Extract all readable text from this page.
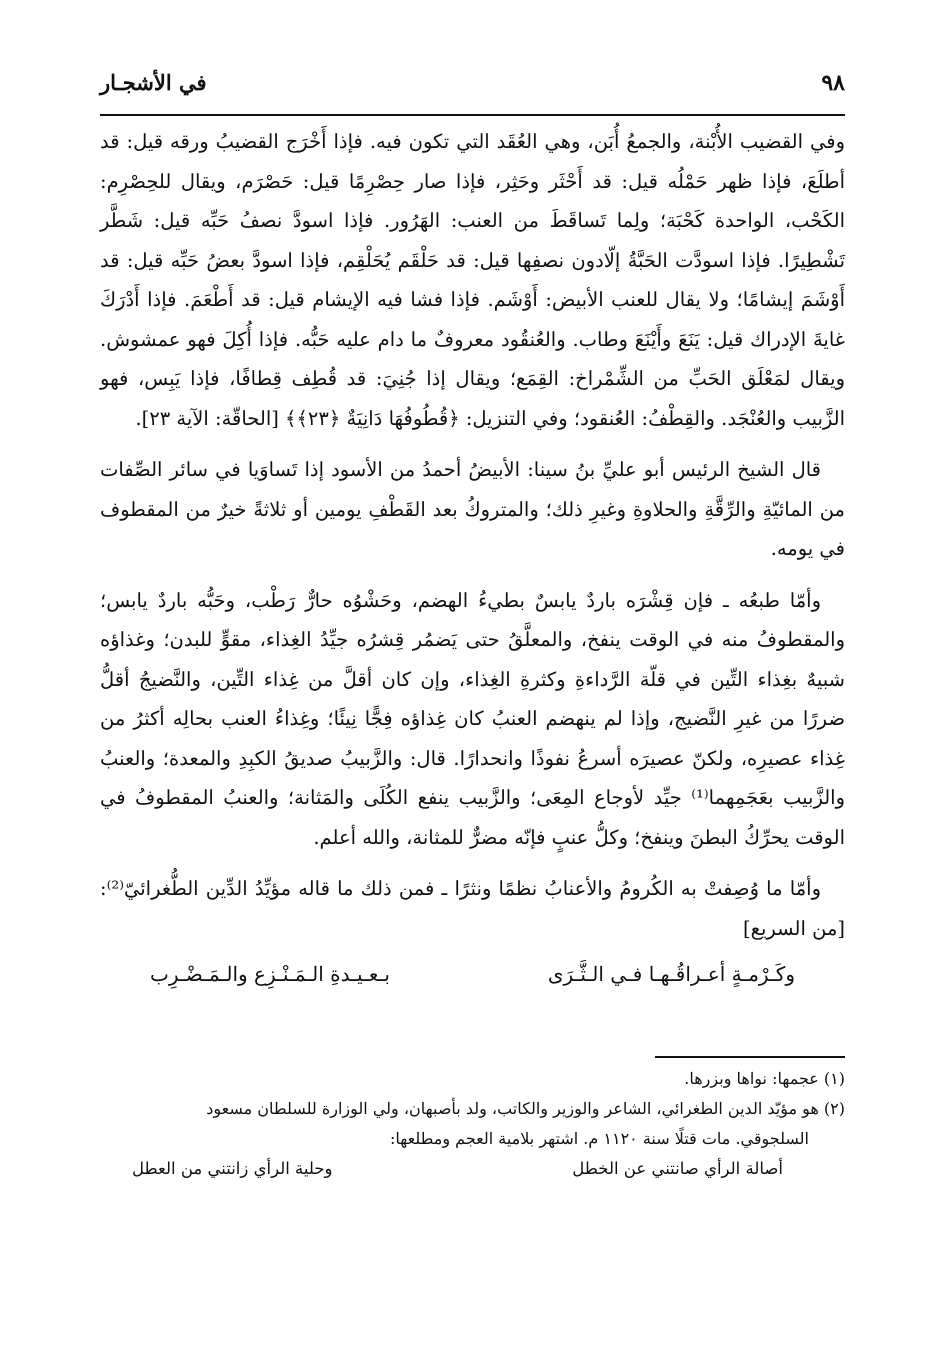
٩٨
في الأشجـار

وفي القضيب الأُبْنة، والجمعُ أُبَن، وهي العُقَد التي تكون فيه. فإذا أَخْرَج القضيبُ ورقه قيل: قد أطلَعَ، فإذا ظهر حَمْلُه قيل: قد أَحْثَر وحَثِر، فإذا صار حِصْرِمًا قيل: حَصْرَم، ويقال للحِصْرِم: الكَحْب، الواحدة كَحْبَة؛ ولِما تَساقَطَ من العنب: الهَرُور. فإذا اسودَّ نصفُ حَبِّه قيل: شَطَّر تَشْطِيرًا. فإذا اسودَّت الحَبَّةُ إلّادون نصفِها قيل: قد حَلْقَم يُحَلْقِم، فإذا اسودَّ بعضُ حَبِّه قيل: قد أَوْشَمَ إيشامًا؛ ولا يقال للعنب الأبيض: أَوْشَم. فإذا فشا فيه الإيشام قيل: قد أَطْعَمَ. فإذا أَدْرَكَ غايةَ الإدراك قيل: يَنَعَ وأَيْنَعَ وطاب. والعُنقُود معروفٌ ما دام عليه حَبُّه. فإذا أُكِلَ فهو عمشوش. ويقال لمَعْلَق الحَبِّ من الشِّمْراخ: القِمَع؛ ويقال إذا جُنِيَ: قد قُطِف قِطافًا، فإذا يَبِس، فهو الزَّبيب والعُنْجَد. والقِطْفُ: العُنقود؛ وفي التنزيل: ﴿قُطُوفُهَا دَانِيَةٌ ﴿٢٣﴾﴾ [الحاقّة: الآية ٢٣].

قال الشيخ الرئيس أبو عليِّ بنُ سينا: الأبيضُ أحمدُ من الأسود إذا تَساوَيا في سائر الصِّفات من المائيّةِ والرِّقَّةِ والحلاوةِ وغيرِ ذلك؛ والمتروكُ بعد القَطْفِ يومين أو ثلاثةً خيرٌ من المقطوف في يومه.

وأمّا طبعُه ـ فإن قِشْرَه باردٌ يابسٌ بطيءُ الهضم، وحَشْوُه حارٌّ رَطْب، وحَبُّه باردٌ يابس؛ والمقطوفُ منه في الوقت ينفخ، والمعلَّقُ حتى يَضمُر قِشرُه جيِّدُ الغِذاء، مقوٍّ للبدن؛ وغذاؤه شبيهٌ بغِذاء التِّين في قلّة الرَّداءةِ وكثرةِ الغِذاء، وإن كان أقلَّ من غِذاء التِّين، والنَّضيجُ أقلُّ ضررًا من غيرِ النَّضيج، وإذا لم ينهضم العنبُ كان غِذاؤه فِجًّا نِيئًا؛ وغِذاءُ العنب بحالِه أكثرُ من غِذاء عصيرِه، ولكنّ عصيرَه أسرعُ نفوذًا وانحدارًا. قال: والزَّبيبُ صديقُ الكبِدِ والمعدة؛ والعنبُ والزَّبيب بعَجَمِهما⁽¹⁾ جيِّد لأوجاع المِعَى؛ والزَّبيب ينفع الكُلَى والمَثانة؛ والعنبُ المقطوفُ في الوقت يحرِّكُ البطنَ وينفخ؛ وكلُّ عنبٍ فإنّه مضرٌّ للمثانة، والله أعلم.

وأمّا ما وُصِفتْ به الكُرومُ والأعنابُ نظمًا ونثرًا ـ فمن ذلك ما قاله مؤيِّدُ الدِّين الطُّغرائيّ⁽²⁾: [من السريع]

وكَـرْمـةٍ أعـراقُـهـا فـي الـثَّـرَى
بـعـيـدةِ الـمَـنْـزِع والـمَـضْـرِب

(١) عجمها: نواها وبزرها.

(٢) هو مؤيّد الدين الطغرائي، الشاعر والوزير والكاتب، ولد بأصبهان، ولي الوزارة للسلطان مسعود

السلجوقي. مات قتلًا سنة ١١٢٠ م. اشتهر بلامية العجم ومطلعها:

أصالة الرأي صانتني عن الخطل
وحلية الرأي زانتني من العطل
